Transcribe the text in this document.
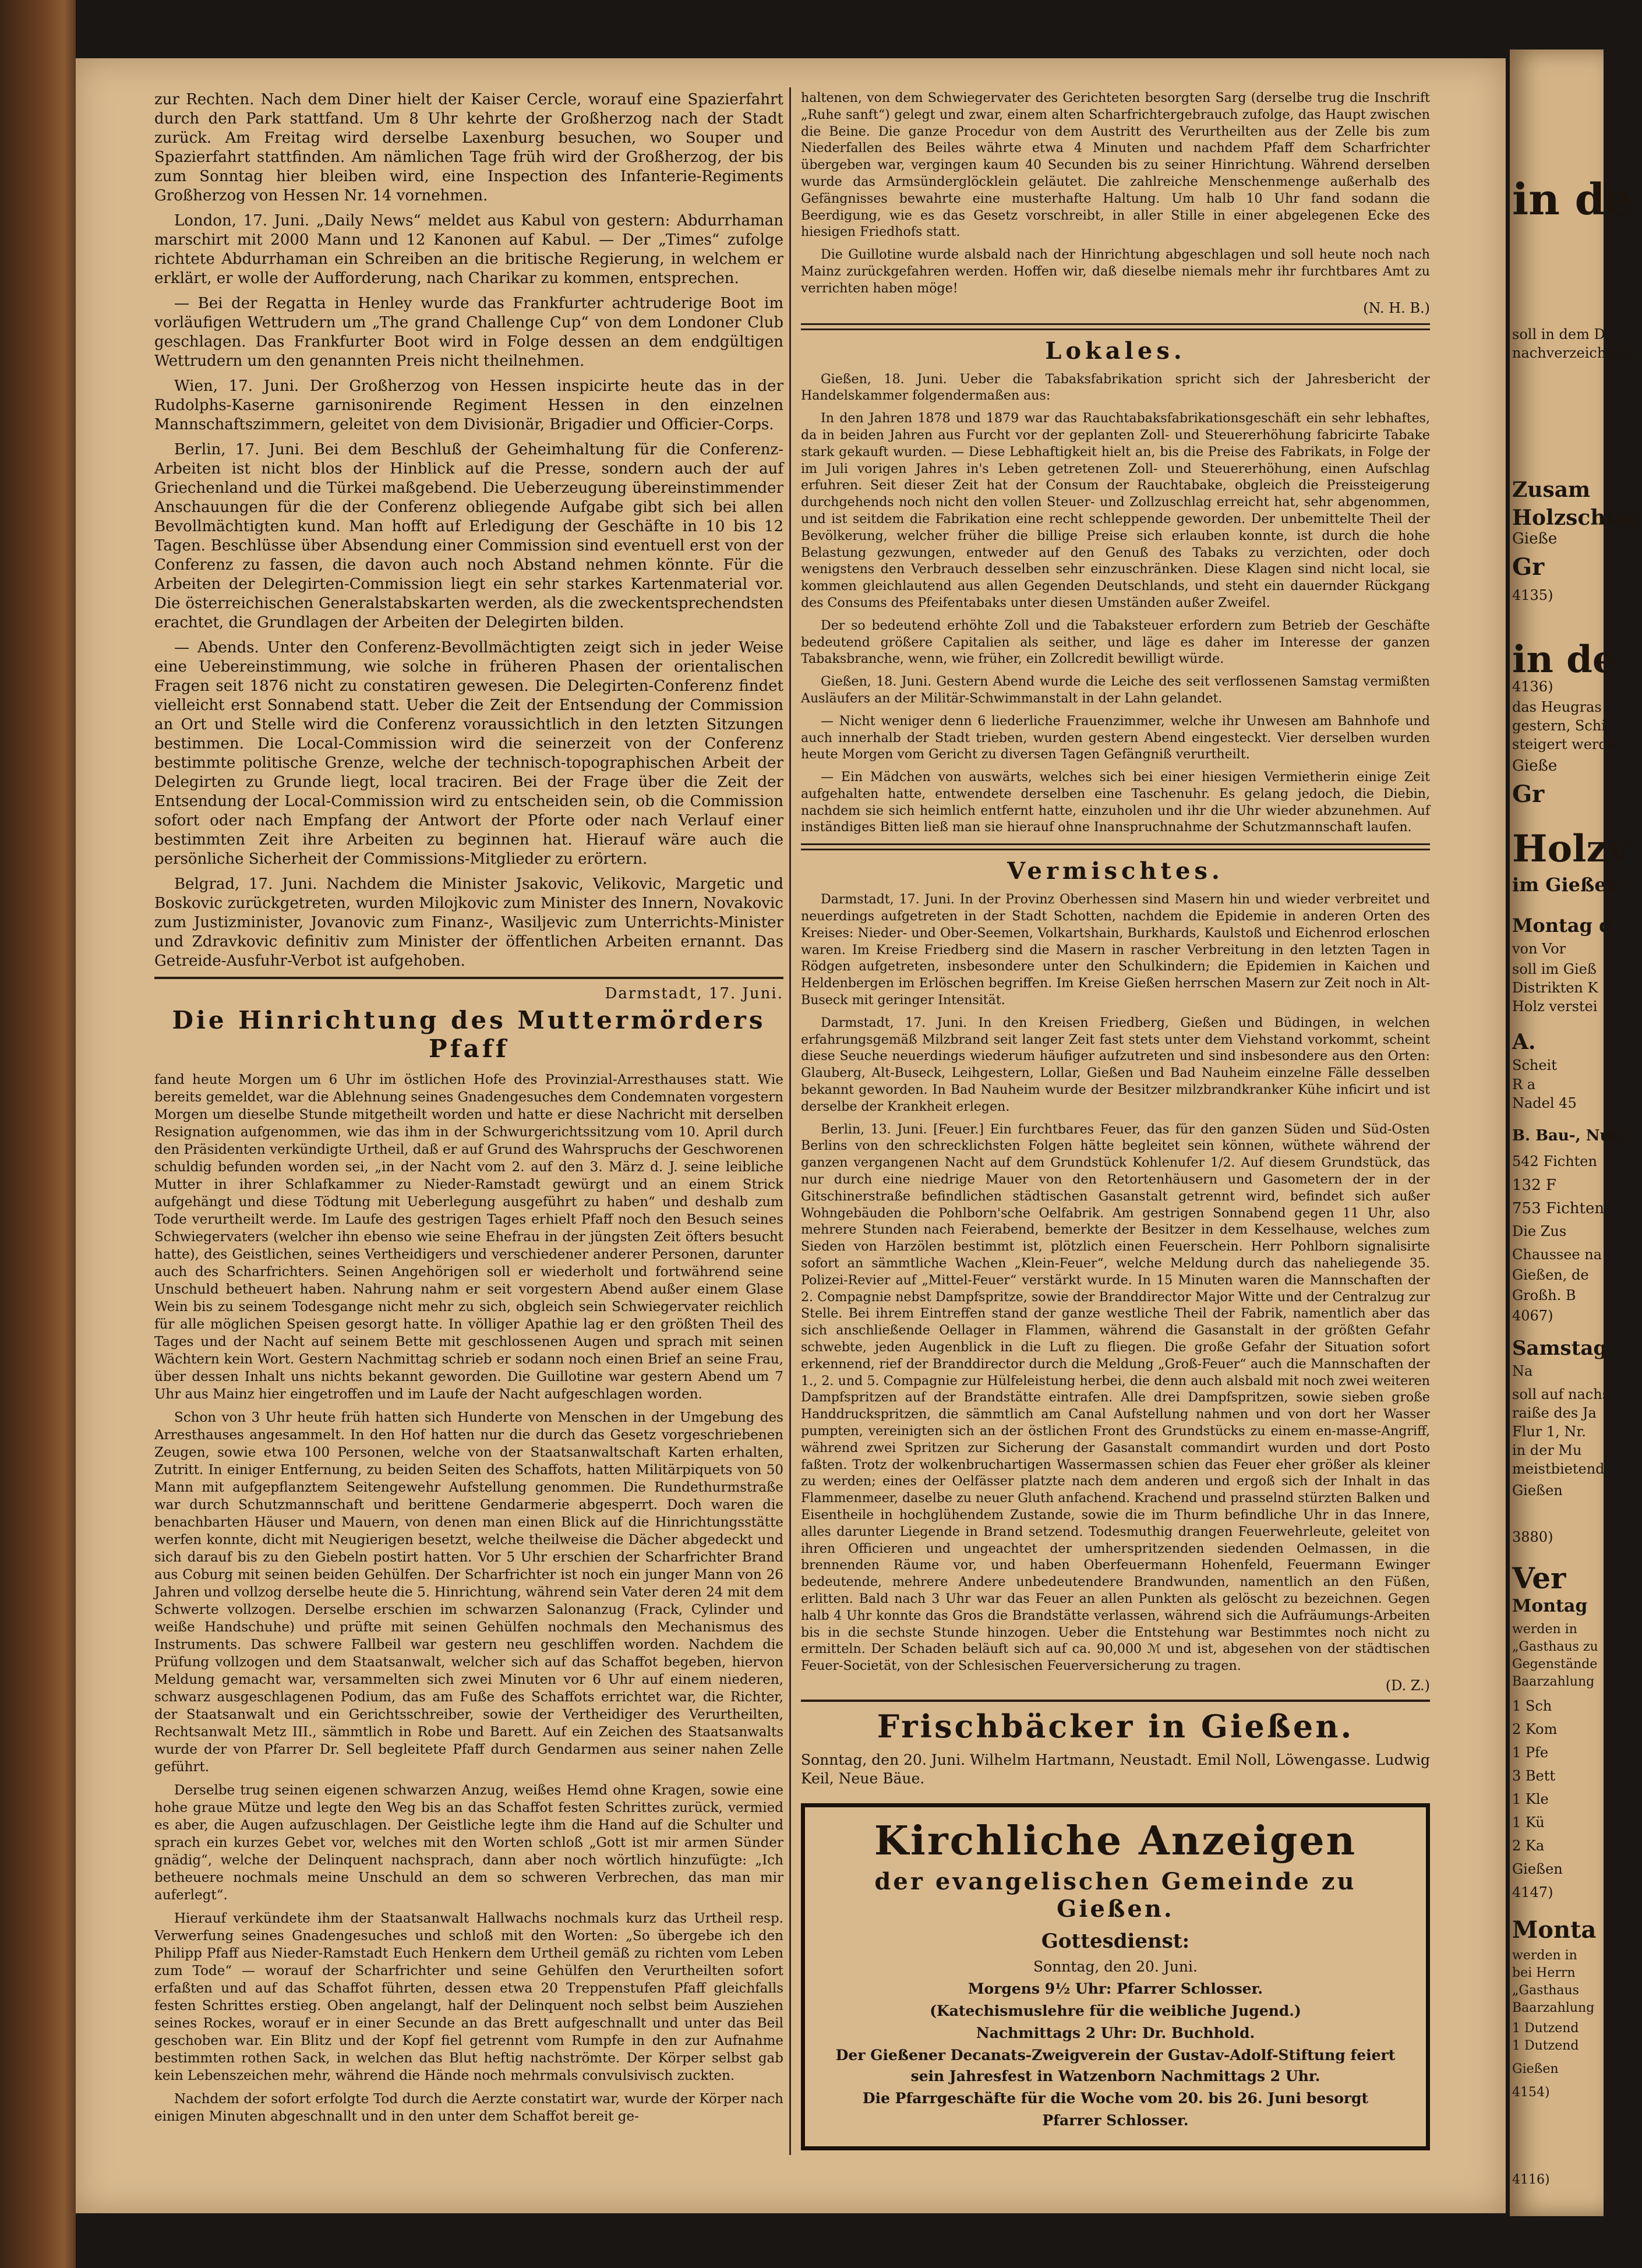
zur Rechten. Nach dem Diner hielt der Kaiser Cercle, worauf eine Spazierfahrt durch den Park stattfand. Um 8 Uhr kehrte der Großherzog nach der Stadt zurück. Am Freitag wird derselbe Laxenburg besuchen, wo Souper und Spazierfahrt stattfinden. Am nämlichen Tage früh wird der Großherzog, der bis zum Sonntag hier bleiben wird, eine Inspection des Infanterie-Regiments Großherzog von Hessen Nr. 14 vornehmen.

London, 17. Juni. „Daily News“ meldet aus Kabul von gestern: Abdurrhaman marschirt mit 2000 Mann und 12 Kanonen auf Kabul. — Der „Times“ zufolge richtete Abdurrhaman ein Schreiben an die britische Regierung, in welchem er erklärt, er wolle der Aufforderung, nach Charikar zu kommen, entsprechen.

— Bei der Regatta in Henley wurde das Frankfurter achtruderige Boot im vorläufigen Wettrudern um „The grand Challenge Cup“ von dem Londoner Club geschlagen. Das Frankfurter Boot wird in Folge dessen an dem endgültigen Wettrudern um den genannten Preis nicht theilnehmen.

Wien, 17. Juni. Der Großherzog von Hessen inspicirte heute das in der Rudolphs-Kaserne garnisonirende Regiment Hessen in den einzelnen Mannschaftszimmern, geleitet von dem Divisionär, Brigadier und Officier-Corps.

Berlin, 17. Juni. Bei dem Beschluß der Geheimhaltung für die Conferenz-Arbeiten ist nicht blos der Hinblick auf die Presse, sondern auch der auf Griechenland und die Türkei maßgebend. Die Ueberzeugung übereinstimmender Anschauungen für die der Conferenz obliegende Aufgabe gibt sich bei allen Bevollmächtigten kund. Man hofft auf Erledigung der Geschäfte in 10 bis 12 Tagen. Beschlüsse über Absendung einer Commission sind eventuell erst von der Conferenz zu fassen, die davon auch noch Abstand nehmen könnte. Für die Arbeiten der Delegirten-Commission liegt ein sehr starkes Kartenmaterial vor. Die österreichischen Generalstabskarten werden, als die zweckentsprechendsten erachtet, die Grundlagen der Arbeiten der Delegirten bilden.

— Abends. Unter den Conferenz-Bevollmächtigten zeigt sich in jeder Weise eine Uebereinstimmung, wie solche in früheren Phasen der orientalischen Fragen seit 1876 nicht zu constatiren gewesen. Die Delegirten-Conferenz findet vielleicht erst Sonnabend statt. Ueber die Zeit der Entsendung der Commission an Ort und Stelle wird die Conferenz voraussichtlich in den letzten Sitzungen bestimmen. Die Local-Commission wird die seinerzeit von der Conferenz bestimmte politische Grenze, welche der technisch-topographischen Arbeit der Delegirten zu Grunde liegt, local traciren. Bei der Frage über die Zeit der Entsendung der Local-Commission wird zu entscheiden sein, ob die Commission sofort oder nach Empfang der Antwort der Pforte oder nach Verlauf einer bestimmten Zeit ihre Arbeiten zu beginnen hat. Hierauf wäre auch die persönliche Sicherheit der Commissions-Mitglieder zu erörtern.

Belgrad, 17. Juni. Nachdem die Minister Jsakovic, Velikovic, Margetic und Boskovic zurückgetreten, wurden Milojkovic zum Minister des Innern, Novakovic zum Justizminister, Jovanovic zum Finanz-, Wasiljevic zum Unterrichts-Minister und Zdravkovic definitiv zum Minister der öffentlichen Arbeiten ernannt. Das Getreide-Ausfuhr-Verbot ist aufgehoben.

Darmstadt, 17. Juni.
Die Hinrichtung des Muttermörders Pfaff

fand heute Morgen um 6 Uhr im östlichen Hofe des Provinzial-Arresthauses statt. Wie bereits gemeldet, war die Ablehnung seines Gnadengesuches dem Condemnaten vorgestern Morgen um dieselbe Stunde mitgetheilt worden und hatte er diese Nachricht mit derselben Resignation aufgenommen, wie das ihm in der Schwurgerichtssitzung vom 10. April durch den Präsidenten verkündigte Urtheil, daß er auf Grund des Wahrspruchs der Geschworenen schuldig befunden worden sei, „in der Nacht vom 2. auf den 3. März d. J. seine leibliche Mutter in ihrer Schlafkammer zu Nieder-Ramstadt gewürgt und an einem Strick aufgehängt und diese Tödtung mit Ueberlegung ausgeführt zu haben“ und deshalb zum Tode verurtheilt werde. Im Laufe des gestrigen Tages erhielt Pfaff noch den Besuch seines Schwiegervaters (welcher ihn ebenso wie seine Ehefrau in der jüngsten Zeit öfters besucht hatte), des Geistlichen, seines Vertheidigers und verschiedener anderer Personen, darunter auch des Scharfrichters. Seinen Angehörigen soll er wiederholt und fortwährend seine Unschuld betheuert haben. Nahrung nahm er seit vorgestern Abend außer einem Glase Wein bis zu seinem Todesgange nicht mehr zu sich, obgleich sein Schwiegervater reichlich für alle möglichen Speisen gesorgt hatte. In völliger Apathie lag er den größten Theil des Tages und der Nacht auf seinem Bette mit geschlossenen Augen und sprach mit seinen Wächtern kein Wort. Gestern Nachmittag schrieb er sodann noch einen Brief an seine Frau, über dessen Inhalt uns nichts bekannt geworden. Die Guillotine war gestern Abend um 7 Uhr aus Mainz hier eingetroffen und im Laufe der Nacht aufgeschlagen worden.

Schon von 3 Uhr heute früh hatten sich Hunderte von Menschen in der Umgebung des Arresthauses angesammelt. In den Hof hatten nur die durch das Gesetz vorgeschriebenen Zeugen, sowie etwa 100 Personen, welche von der Staatsanwaltschaft Karten erhalten, Zutritt. In einiger Entfernung, zu beiden Seiten des Schaffots, hatten Militärpiquets von 50 Mann mit aufgepflanztem Seitengewehr Aufstellung genommen. Die Rundethurmstraße war durch Schutzmannschaft und berittene Gendarmerie abgesperrt. Doch waren die benachbarten Häuser und Mauern, von denen man einen Blick auf die Hinrichtungsstätte werfen konnte, dicht mit Neugierigen besetzt, welche theilweise die Dächer abgedeckt und sich darauf bis zu den Giebeln postirt hatten. Vor 5 Uhr erschien der Scharfrichter Brand aus Coburg mit seinen beiden Gehülfen. Der Scharfrichter ist noch ein junger Mann von 26 Jahren und vollzog derselbe heute die 5. Hinrichtung, während sein Vater deren 24 mit dem Schwerte vollzogen. Derselbe erschien im schwarzen Salonanzug (Frack, Cylinder und weiße Handschuhe) und prüfte mit seinen Gehülfen nochmals den Mechanismus des Instruments. Das schwere Fallbeil war gestern neu geschliffen worden. Nachdem die Prüfung vollzogen und dem Staatsanwalt, welcher sich auf das Schaffot begeben, hiervon Meldung gemacht war, versammelten sich zwei Minuten vor 6 Uhr auf einem niederen, schwarz ausgeschlagenen Podium, das am Fuße des Schaffots errichtet war, die Richter, der Staatsanwalt und ein Gerichtsschreiber, sowie der Vertheidiger des Verurtheilten, Rechtsanwalt Metz III., sämmtlich in Robe und Barett. Auf ein Zeichen des Staatsanwalts wurde der von Pfarrer Dr. Sell begleitete Pfaff durch Gendarmen aus seiner nahen Zelle geführt.

Derselbe trug seinen eigenen schwarzen Anzug, weißes Hemd ohne Kragen, sowie eine hohe graue Mütze und legte den Weg bis an das Schaffot festen Schrittes zurück, vermied es aber, die Augen aufzuschlagen. Der Geistliche legte ihm die Hand auf die Schulter und sprach ein kurzes Gebet vor, welches mit den Worten schloß „Gott ist mir armen Sünder gnädig“, welche der Delinquent nachsprach, dann aber noch wörtlich hinzufügte: „Ich betheuere nochmals meine Unschuld an dem so schweren Verbrechen, das man mir auferlegt“.

Hierauf verkündete ihm der Staatsanwalt Hallwachs nochmals kurz das Urtheil resp. Verwerfung seines Gnadengesuches und schloß mit den Worten: „So übergebe ich den Philipp Pfaff aus Nieder-Ramstadt Euch Henkern dem Urtheil gemäß zu richten vom Leben zum Tode“ — worauf der Scharfrichter und seine Gehülfen den Verurtheilten sofort erfaßten und auf das Schaffot führten, dessen etwa 20 Treppenstufen Pfaff gleichfalls festen Schrittes erstieg. Oben angelangt, half der Delinquent noch selbst beim Ausziehen seines Rockes, worauf er in einer Secunde an das Brett aufgeschnallt und unter das Beil geschoben war. Ein Blitz und der Kopf fiel getrennt vom Rumpfe in den zur Aufnahme bestimmten rothen Sack, in welchen das Blut heftig nachströmte. Der Körper selbst gab kein Lebenszeichen mehr, während die Hände noch mehrmals convulsivisch zuckten.

Nachdem der sofort erfolgte Tod durch die Aerzte constatirt war, wurde der Körper nach einigen Minuten abgeschnallt und in den unter dem Schaffot bereit ge-

haltenen, von dem Schwiegervater des Gerichteten besorgten Sarg (derselbe trug die Inschrift „Ruhe sanft“) gelegt und zwar, einem alten Scharfrichtergebrauch zufolge, das Haupt zwischen die Beine. Die ganze Procedur von dem Austritt des Verurtheilten aus der Zelle bis zum Niederfallen des Beiles währte etwa 4 Minuten und nachdem Pfaff dem Scharfrichter übergeben war, vergingen kaum 40 Secunden bis zu seiner Hinrichtung. Während derselben wurde das Armsünderglöcklein geläutet. Die zahlreiche Menschenmenge außerhalb des Gefängnisses bewahrte eine musterhafte Haltung. Um halb 10 Uhr fand sodann die Beerdigung, wie es das Gesetz vorschreibt, in aller Stille in einer abgelegenen Ecke des hiesigen Friedhofs statt.

Die Guillotine wurde alsbald nach der Hinrichtung abgeschlagen und soll heute noch nach Mainz zurückgefahren werden. Hoffen wir, daß dieselbe niemals mehr ihr furchtbares Amt zu verrichten haben möge!

(N. H. B.)
Lokales.

Gießen, 18. Juni. Ueber die Tabaksfabrikation spricht sich der Jahresbericht der Handelskammer folgendermaßen aus:

In den Jahren 1878 und 1879 war das Rauchtabaksfabrikationsgeschäft ein sehr lebhaftes, da in beiden Jahren aus Furcht vor der geplanten Zoll- und Steuererhöhung fabricirte Tabake stark gekauft wurden. — Diese Lebhaftigkeit hielt an, bis die Preise des Fabrikats, in Folge der im Juli vorigen Jahres in's Leben getretenen Zoll- und Steuererhöhung, einen Aufschlag erfuhren. Seit dieser Zeit hat der Consum der Rauchtabake, obgleich die Preissteigerung durchgehends noch nicht den vollen Steuer- und Zollzuschlag erreicht hat, sehr abgenommen, und ist seitdem die Fabrikation eine recht schleppende geworden. Der unbemittelte Theil der Bevölkerung, welcher früher die billige Preise sich erlauben konnte, ist durch die hohe Belastung gezwungen, entweder auf den Genuß des Tabaks zu verzichten, oder doch wenigstens den Verbrauch desselben sehr einzuschränken. Diese Klagen sind nicht local, sie kommen gleichlautend aus allen Gegenden Deutschlands, und steht ein dauernder Rückgang des Consums des Pfeifentabaks unter diesen Umständen außer Zweifel.

Der so bedeutend erhöhte Zoll und die Tabaksteuer erfordern zum Betrieb der Geschäfte bedeutend größere Capitalien als seither, und läge es daher im Interesse der ganzen Tabaksbranche, wenn, wie früher, ein Zollcredit bewilligt würde.

Gießen, 18. Juni. Gestern Abend wurde die Leiche des seit verflossenen Samstag vermißten Ausläufers an der Militär-Schwimmanstalt in der Lahn gelandet.

— Nicht weniger denn 6 liederliche Frauenzimmer, welche ihr Unwesen am Bahnhofe und auch innerhalb der Stadt trieben, wurden gestern Abend eingesteckt. Vier derselben wurden heute Morgen vom Gericht zu diversen Tagen Gefängniß verurtheilt.

— Ein Mädchen von auswärts, welches sich bei einer hiesigen Vermietherin einige Zeit aufgehalten hatte, entwendete derselben eine Taschenuhr. Es gelang jedoch, die Diebin, nachdem sie sich heimlich entfernt hatte, einzuholen und ihr die Uhr wieder abzunehmen. Auf inständiges Bitten ließ man sie hierauf ohne Inanspruchnahme der Schutzmannschaft laufen.

Vermischtes.

Darmstadt, 17. Juni. In der Provinz Oberhessen sind Masern hin und wieder verbreitet und neuerdings aufgetreten in der Stadt Schotten, nachdem die Epidemie in anderen Orten des Kreises: Nieder- und Ober-Seemen, Volkartshain, Burkhards, Kaulstoß und Eichenrod erloschen waren. Im Kreise Friedberg sind die Masern in rascher Verbreitung in den letzten Tagen in Rödgen aufgetreten, insbesondere unter den Schulkindern; die Epidemien in Kaichen und Heldenbergen im Erlöschen begriffen. Im Kreise Gießen herrschen Masern zur Zeit noch in Alt-Buseck mit geringer Intensität.

Darmstadt, 17. Juni. In den Kreisen Friedberg, Gießen und Büdingen, in welchen erfahrungsgemäß Milzbrand seit langer Zeit fast stets unter dem Viehstand vorkommt, scheint diese Seuche neuerdings wiederum häufiger aufzutreten und sind insbesondere aus den Orten: Glauberg, Alt-Buseck, Leihgestern, Lollar, Gießen und Bad Nauheim einzelne Fälle desselben bekannt geworden. In Bad Nauheim wurde der Besitzer milzbrandkranker Kühe inficirt und ist derselbe der Krankheit erlegen.

Berlin, 13. Juni. [Feuer.] Ein furchtbares Feuer, das für den ganzen Süden und Süd-Osten Berlins von den schrecklichsten Folgen hätte begleitet sein können, wüthete während der ganzen vergangenen Nacht auf dem Grundstück Kohlenufer 1/2. Auf diesem Grundstück, das nur durch eine niedrige Mauer von den Retortenhäusern und Gasometern der in der Gitschinerstraße befindlichen städtischen Gasanstalt getrennt wird, befindet sich außer Wohngebäuden die Pohlborn'sche Oelfabrik. Am gestrigen Sonnabend gegen 11 Uhr, also mehrere Stunden nach Feierabend, bemerkte der Besitzer in dem Kesselhause, welches zum Sieden von Harzölen bestimmt ist, plötzlich einen Feuerschein. Herr Pohlborn signalisirte sofort an sämmtliche Wachen „Klein-Feuer“, welche Meldung durch das naheliegende 35. Polizei-Revier auf „Mittel-Feuer“ verstärkt wurde. In 15 Minuten waren die Mannschaften der 2. Compagnie nebst Dampfspritze, sowie der Branddirector Major Witte und der Centralzug zur Stelle. Bei ihrem Eintreffen stand der ganze westliche Theil der Fabrik, namentlich aber das sich anschließende Oellager in Flammen, während die Gasanstalt in der größten Gefahr schwebte, jeden Augenblick in die Luft zu fliegen. Die große Gefahr der Situation sofort erkennend, rief der Branddirector durch die Meldung „Groß-Feuer“ auch die Mannschaften der 1., 2. und 5. Compagnie zur Hülfeleistung herbei, die denn auch alsbald mit noch zwei weiteren Dampfspritzen auf der Brandstätte eintrafen. Alle drei Dampfspritzen, sowie sieben große Handdruckspritzen, die sämmtlich am Canal Aufstellung nahmen und von dort her Wasser pumpten, vereinigten sich an der östlichen Front des Grundstücks zu einem en-masse-Angriff, während zwei Spritzen zur Sicherung der Gasanstalt commandirt wurden und dort Posto faßten. Trotz der wolkenbruchartigen Wassermassen schien das Feuer eher größer als kleiner zu werden; eines der Oelfässer platzte nach dem anderen und ergoß sich der Inhalt in das Flammenmeer, daselbe zu neuer Gluth anfachend. Krachend und prasselnd stürzten Balken und Eisentheile in hochglühendem Zustande, sowie die im Thurm befindliche Uhr in das Innere, alles darunter Liegende in Brand setzend. Todesmuthig drangen Feuerwehrleute, geleitet von ihren Officieren und ungeachtet der umherspritzenden siedenden Oelmassen, in die brennenden Räume vor, und haben Oberfeuermann Hohenfeld, Feuermann Ewinger bedeutende, mehrere Andere unbedeutendere Brandwunden, namentlich an den Füßen, erlitten. Bald nach 3 Uhr war das Feuer an allen Punkten als gelöscht zu bezeichnen. Gegen halb 4 Uhr konnte das Gros die Brandstätte verlassen, während sich die Aufräumungs-Arbeiten bis in die sechste Stunde hinzogen. Ueber die Entstehung war Bestimmtes noch nicht zu ermitteln. Der Schaden beläuft sich auf ca. 90,000 ℳ und ist, abgesehen von der städtischen Feuer-Societät, von der Schlesischen Feuerversicherung zu tragen.

(D. Z.)
Frischbäcker in Gießen.
Sonntag, den 20. Juni. Wilhelm Hartmann, Neustadt. Emil Noll, Löwengasse. Ludwig Keil, Neue Bäue.
Kirchliche Anzeigen
der evangelischen Gemeinde zu Gießen.
Gottesdienst:
Sonntag, den 20. Juni.
Morgens 9½ Uhr: Pfarrer Schlosser.
(Katechismuslehre für die weibliche Jugend.)
Nachmittags 2 Uhr: Dr. Buchhold.
Der Gießener Decanats-Zweigverein der Gustav-Adolf-Stiftung feiert sein Jahresfest in Watzenborn Nachmittags 2 Uhr.
Die Pfarrgeschäfte für die Woche vom 20. bis 26. Juni besorgt
Pfarrer Schlosser.
in de
soll in dem D
nachverzeichnete
Zusam
Holzschlag
Gieße
Gr
4135)
in de
4136)
das Heugras
gestern, Schi
steigert werde
Gieße
Gr
Holzv
im Gießen
Montag d
von Vor
soll im Gieß
Distrikten K
Holz verstei
A.
Scheit
R a
Nadel 45
B. Bau-, Nutz
542 Fichten
132 F
753 Fichten
Die Zus
Chaussee na
Gießen, de
Großh. B
4067)
Samstag
Na
soll auf nachs
raiße des Ja
Flur 1, Nr.
in der Mu
meistbietend
Gießen
3880)
Ver
Montag
werden in
„Gasthaus zu
Gegenstände
Baarzahlung
1 Sch
2 Kom
1 Pfe
3 Bett
1 Kle
1 Kü
2 Ka
Gießen
4147)
Monta
werden in
bei Herrn
„Gasthaus
Baarzahlung
1 Dutzend
1 Dutzend
Gießen
4154)
4116)
